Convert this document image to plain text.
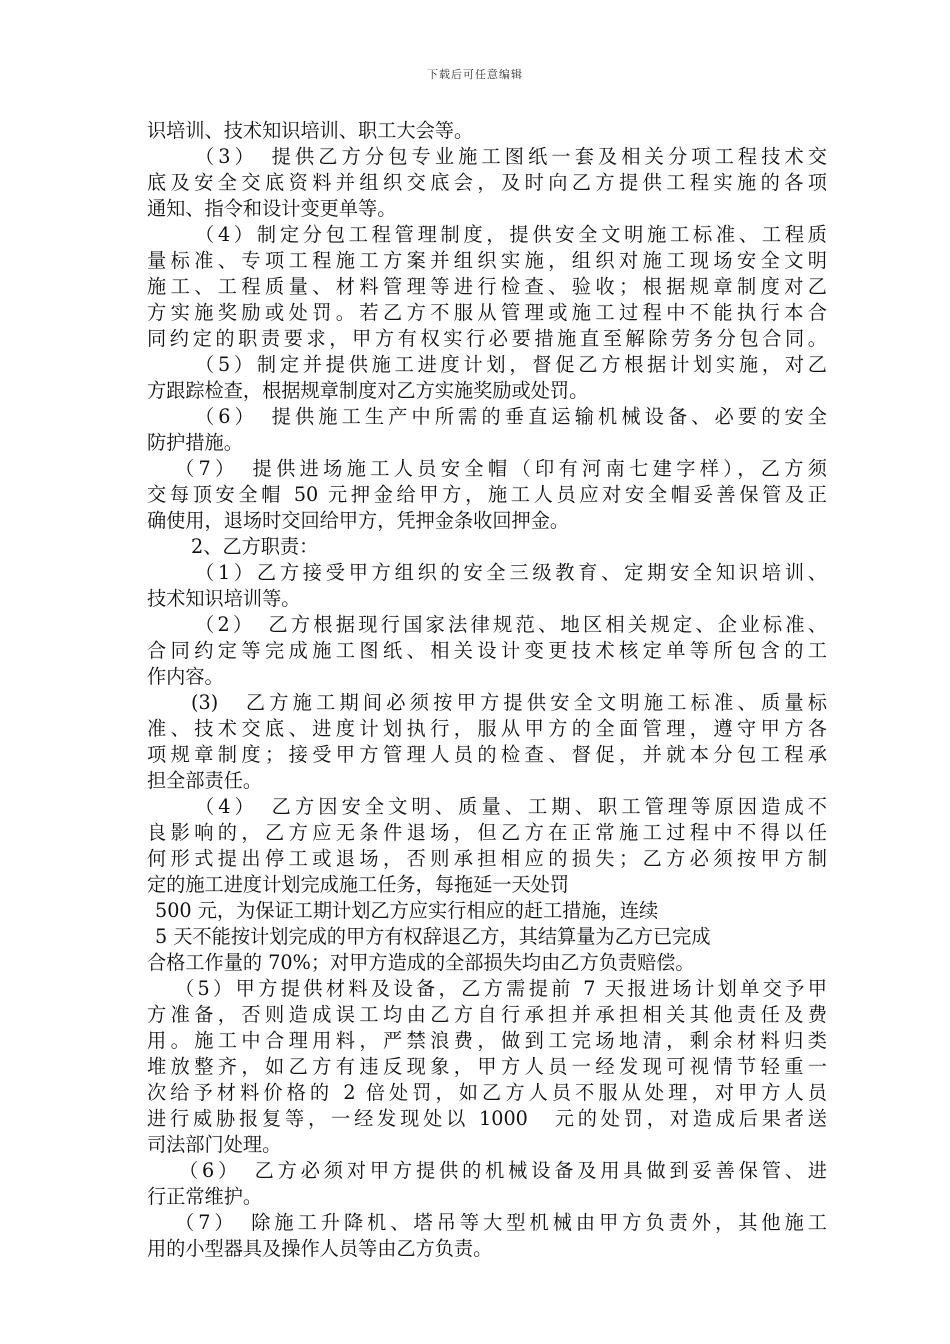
下载后可任意编辑
识培训、技术知识培训、职工大会等。
（3）　提供乙方分包专业施工图纸一套及相关分项工程技术交
底及安全交底资料并组织交底会，及时向乙方提供工程实施的各项
通知、指令和设计变更单等。
（4）制定分包工程管理制度，提供安全文明施工标准、工程质
量标准、专项工程施工方案并组织实施，组织对施工现场安全文明
施工、工程质量、材料管理等进行检查、验收；根据规章制度对乙
方实施奖励或处罚。若乙方不服从管理或施工过程中不能执行本合
同约定的职责要求，甲方有权实行必要措施直至解除劳务分包合同。
（5）制定并提供施工进度计划，督促乙方根据计划实施，对乙
方跟踪检查，根据规章制度对乙方实施奖励或处罚。
（6）　提供施工生产中所需的垂直运输机械设备、必要的安全
防护措施。
（7）　提供进场施工人员安全帽（印有河南七建字样），乙方须
交每顶安全帽 50 元押金给甲方，施工人员应对安全帽妥善保管及正
确使用，退场时交回给甲方，凭押金条收回押金。
2、乙方职责：
（1）乙方接受甲方组织的安全三级教育、定期安全知识培训、
技术知识培训等。
（2）　乙方根据现行国家法律规范、地区相关规定、企业标准、
合同约定等完成施工图纸、相关设计变更技术核定单等所包含的工
作内容。
(3)　乙方施工期间必须按甲方提供安全文明施工标准、质量标
准、技术交底、进度计划执行，服从甲方的全面管理，遵守甲方各
项规章制度；接受甲方管理人员的检查、督促，并就本分包工程承
担全部责任。
（4）　乙方因安全文明、质量、工期、职工管理等原因造成不
良影响的，乙方应无条件退场，但乙方在正常施工过程中不得以任
何形式提出停工或退场，否则承担相应的损失；乙方必须按甲方制
定的施工进度计划完成施工任务，每拖延一天处罚
500 元，为保证工期计划乙方应实行相应的赶工措施，连续
5 天不能按计划完成的甲方有权辞退乙方，其结算量为乙方已完成
合格工作量的 70%；对甲方造成的全部损失均由乙方负责赔偿。
（5）甲方提供材料及设备，乙方需提前 7 天报进场计划单交予甲
方准备，否则造成误工均由乙方自行承担并承担相关其他责任及费
用。施工中合理用料，严禁浪费，做到工完场地清，剩余材料归类
堆放整齐，如乙方有违反现象，甲方人员一经发现可视情节轻重一
次给予材料价格的 2 倍处罚，如乙方人员不服从处理，对甲方人员
进行威胁报复等，一经发现处以 1000　元的处罚，对造成后果者送
司法部门处理。
（6）　乙方必须对甲方提供的机械设备及用具做到妥善保管、进
行正常维护。
（7）　除施工升降机、塔吊等大型机械由甲方负责外，其他施工
用的小型器具及操作人员等由乙方负责。
